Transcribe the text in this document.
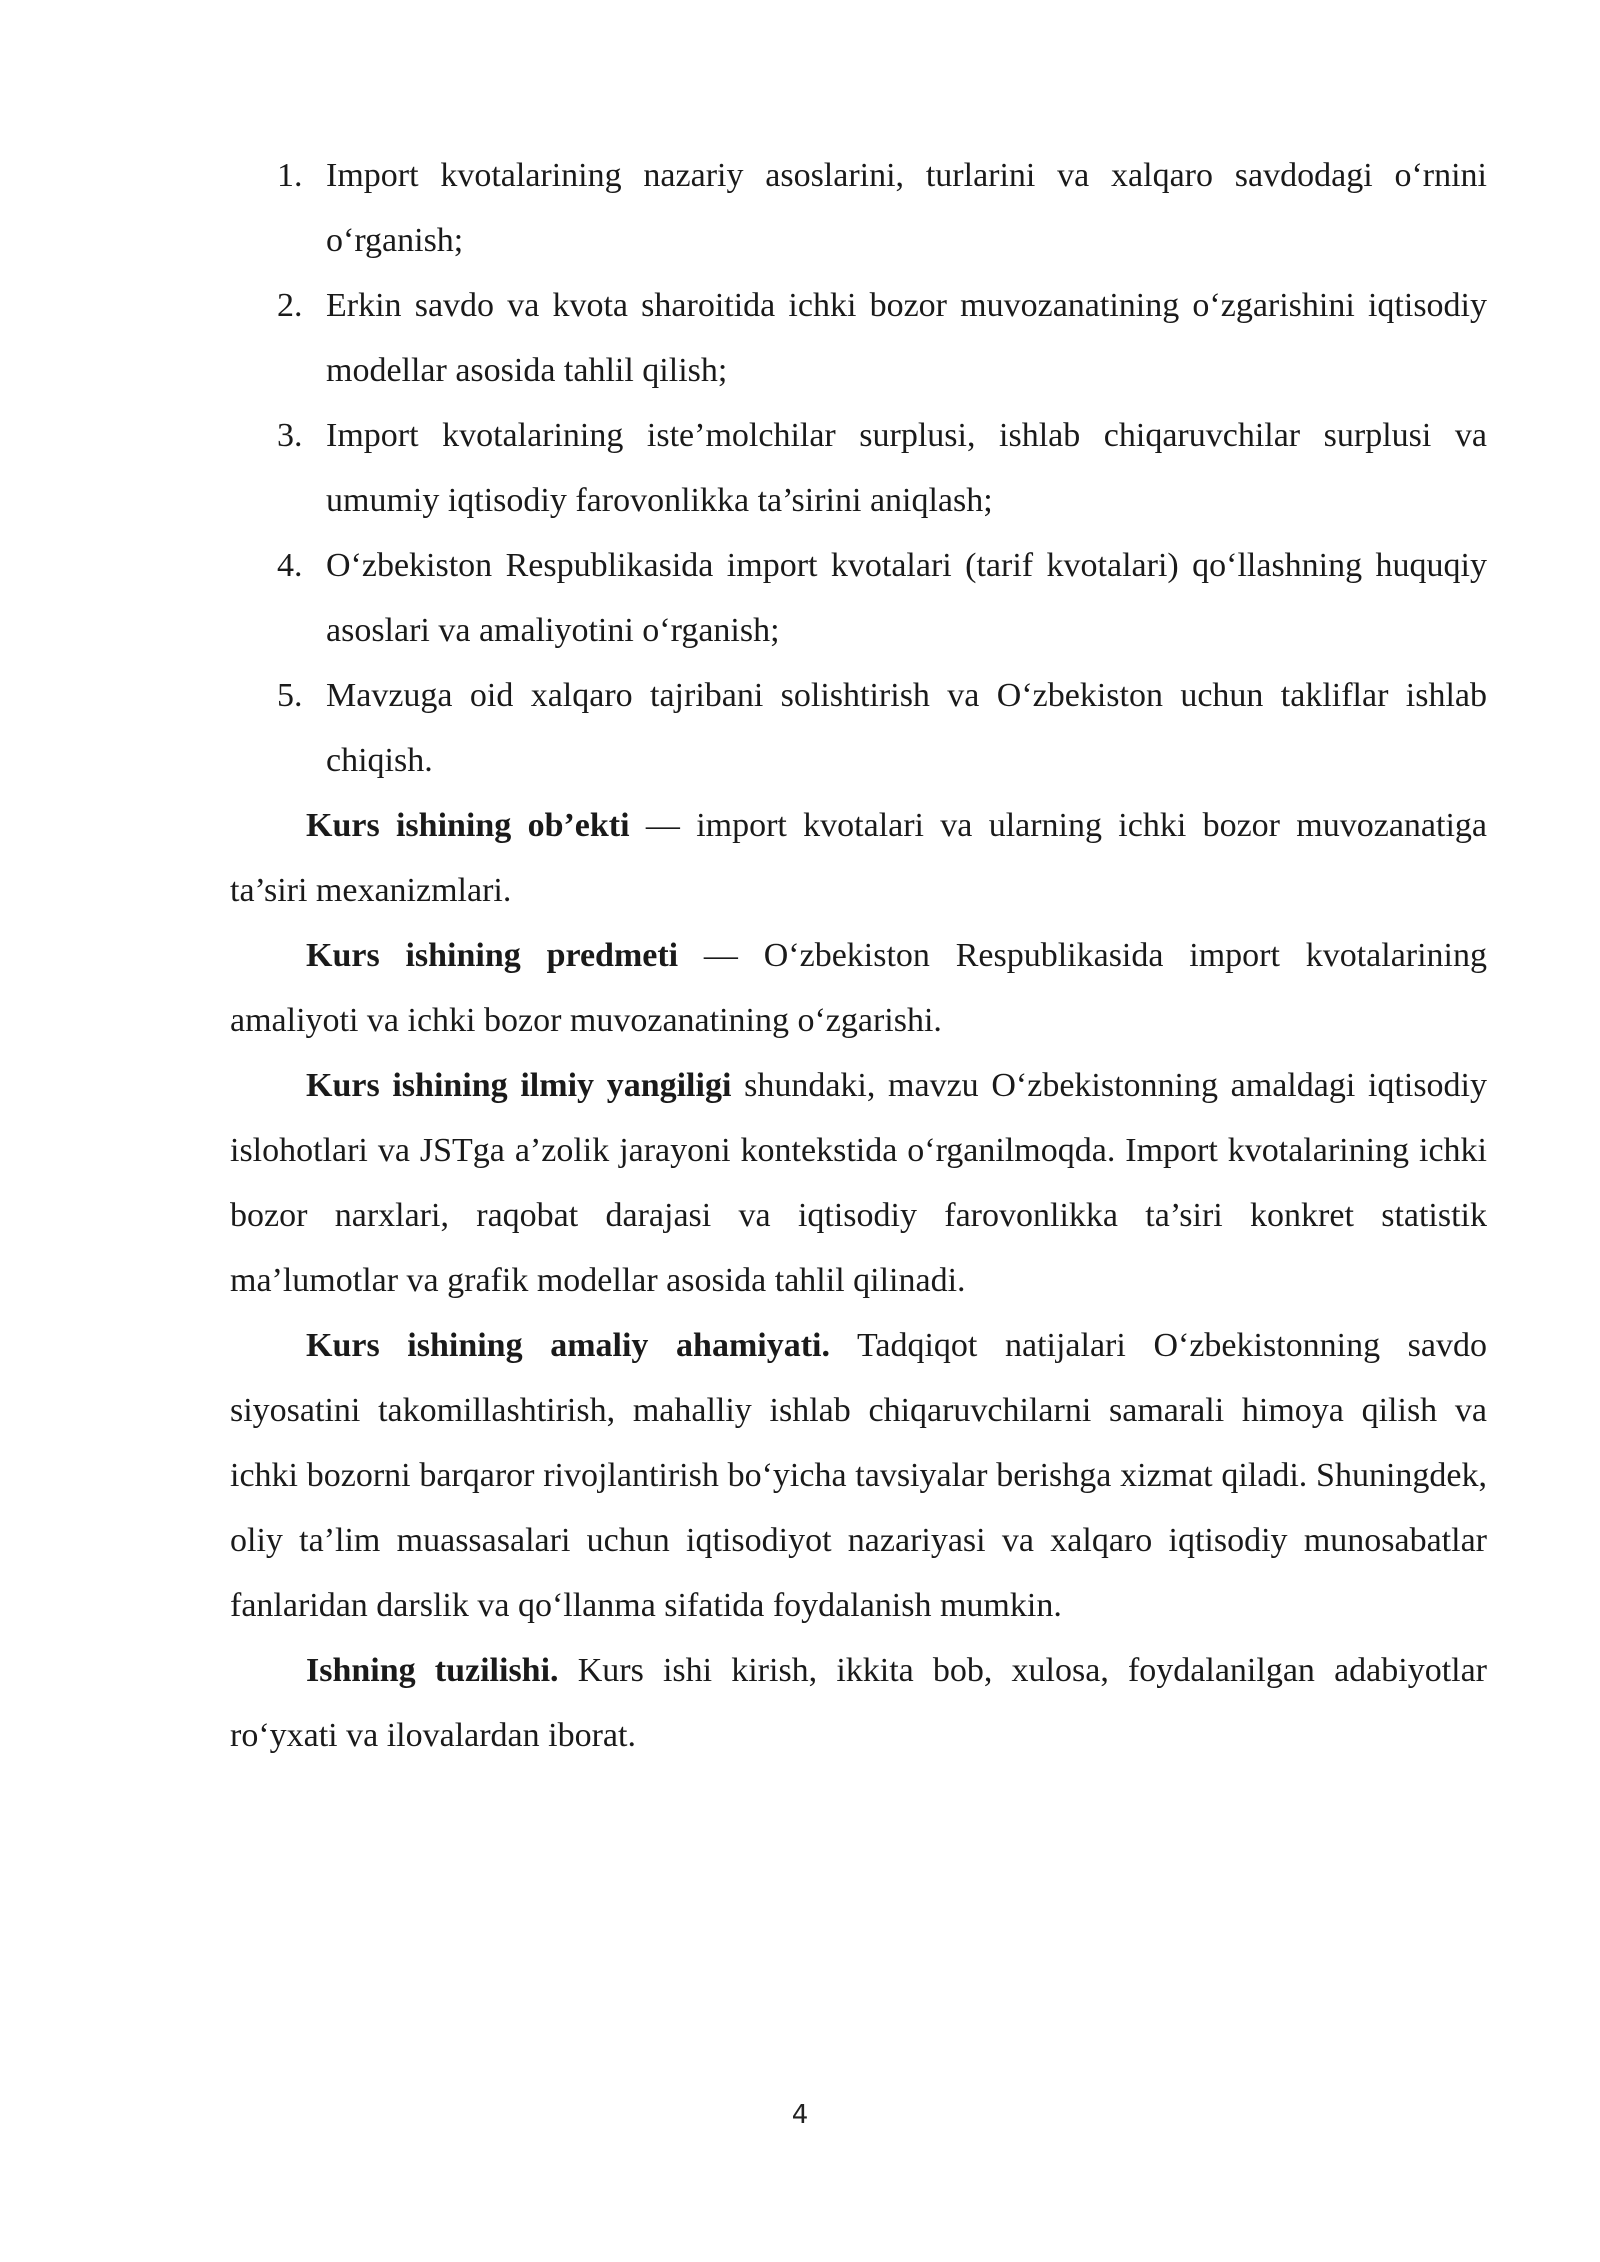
1. Import kvotalarining nazariy asoslarini, turlarini va xalqaro savdodagi o‘rnini o‘rganish;
2. Erkin savdo va kvota sharoitida ichki bozor muvozanatining o‘zgarishini iqtisodiy modellar asosida tahlil qilish;
3. Import kvotalarining iste’molchilar surplusi, ishlab chiqaruvchilar surplusi va umumiy iqtisodiy farovonlikka ta’sirini aniqlash;
4. O‘zbekiston Respublikasida import kvotalari (tarif kvotalari) qo‘llashning huquqiy asoslari va amaliyotini o‘rganish;
5. Mavzuga oid xalqaro tajribani solishtirish va O‘zbekiston uchun takliflar ishlab chiqish.

Kurs ishining ob’ekti — import kvotalari va ularning ichki bozor muvozanatiga ta’siri mexanizmlari.

Kurs ishining predmeti — O‘zbekiston Respublikasida import kvotalarining amaliyoti va ichki bozor muvozanatining o‘zgarishi.

Kurs ishining ilmiy yangiligi shundaki, mavzu O‘zbekistonning amaldagi iqtisodiy islohotlari va JSTga a’zolik jarayoni kontekstida o‘rganilmoqda. Import kvotalarining ichki bozor narxlari, raqobat darajasi va iqtisodiy farovonlikka ta’siri konkret statistik ma’lumotlar va grafik modellar asosida tahlil qilinadi.

Kurs ishining amaliy ahamiyati. Tadqiqot natijalari O‘zbekistonning savdo siyosatini takomillashtirish, mahalliy ishlab chiqaruvchilarni samarali himoya qilish va ichki bozorni barqaror rivojlantirish bo‘yicha tavsiyalar berishga xizmat qiladi. Shuningdek, oliy ta’lim muassasalari uchun iqtisodiyot nazariyasi va xalqaro iqtisodiy munosabatlar fanlaridan darslik va qo‘llanma sifatida foydalanish mumkin.

Ishning tuzilishi. Kurs ishi kirish, ikkita bob, xulosa, foydalanilgan adabiyotlar ro‘yxati va ilovalardan iborat.

4
